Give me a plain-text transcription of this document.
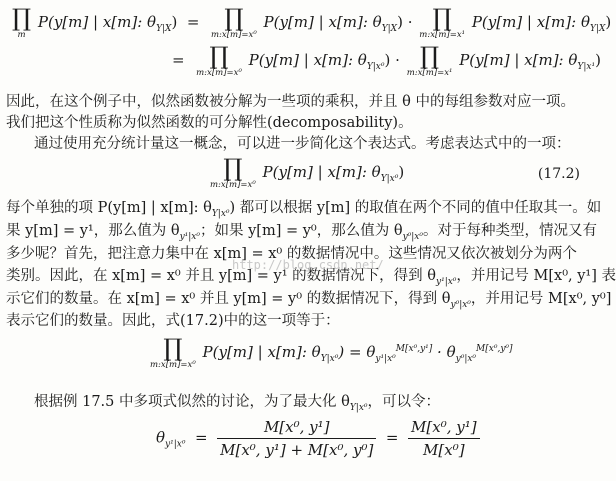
∏
m
P(y[m] | x[m]: $\theta_{Y|X}$) =	∏
m:x[m]=x⁰
P(y[m] | x[m]: $\theta_{Y|X}$) · ∏
m:x[m]=x¹
P(y[m] | x[m]: $\theta_{Y|X}$)
=	∏
m:x[m]=x⁰
P(y[m] | x[m]: $\theta_{Y|x^0}$) · ∏
m:x[m]=x¹
P(y[m] | x[m]: $\theta_{Y|x^1}$)
因此，在这个例子中，似然函数被分解为一些项的乘积，并且 θ 中的每组参数对应一项。
我们把这个性质称为似然函数的可分解性(decomposability)。
通过使用充分统计量这一概念，可以进一步简化这个表达式。考虑表达式中的一项：
∏
m:x[m]=x⁰
P(y[m] | x[m]: $\theta_{Y|x^0}$)	(17.2)
每个单独的项 P(y[m] | x[m]: $\theta_{Y|x^0}$) 都可以根据 y[m] 的取值在两个不同的值中任取其一。如
果 y[m] = y¹，那么值为 $\theta_{y^1|x^0}$；如果 y[m] = y⁰，那么值为 $\theta_{y^0|x^0}$。对于每种类型，情况又有
多少呢？首先，把注意力集中在 x[m] = x⁰ 的数据情况中。这些情况又依次被划分为两个
类别。因此，在 x[m] = x⁰ 并且 y[m] = y¹ 的数据情况下，得到 $\theta_{y^1|x^0}$，并用记号 M[x⁰, y¹] 表
示它们的数量。在 x[m] = x⁰ 并且 y[m] = y⁰ 的数据情况下，得到 $\theta_{y^0|x^0}$，并用记号 M[x⁰, y⁰]
表示它们的数量。因此，式(17.2)中的这一项等于：
∏
m:x[m]=x⁰
P(y[m] | x[m]: $\theta_{Y|x^0}) = \theta_{y^1|x^0}^{M[x^0,y^1]} \cdot \theta_{y^0|x^0}^{M[x^0,y^0]}$
根据例 17.5 中多项式似然的讨论，为了最大化 $\theta_{Y|x^0}$，可以令：
$\theta_{y^1|x^0} = \frac{\text{M[x⁰, y¹]}}{\text{M[x⁰, y¹] + M[x⁰, y⁰]}} = \frac{\text{M[x⁰, y¹]}}{\text{M[x⁰]}}$
http://blog.csdn.net/
